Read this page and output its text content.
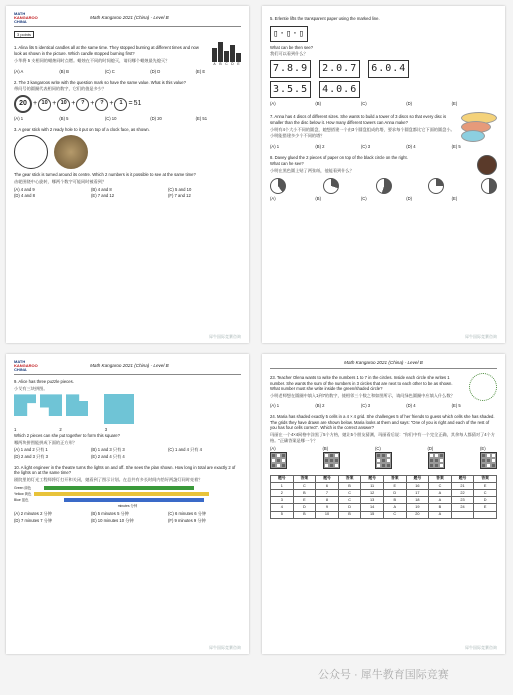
MATH
KANGAROO
CHINA
Math Kangaroo 2021 (China) - Level B
3 points

1. Alina lits 5 identical candles all at the same time. They stopped burning at different times and now look as shown in the picture. Which candle stopped burning first?

小华将 5 支相同的蜡烛同时点燃。蜡烛在不同的时间熄灭，请问哪个蜡烛最先熄灭？

A	B	C	D	E
(A) A	(B) B	(C) C	(D) D	(E) E

2. The 3 kangaroos write with the question mark so have the same value. What is this value?

带问号的圆圈代表相同的数字，它们的值是多少？

20 + 10 + 10 +	? +	? +	1 = 51
(A) 1	(B) 5	(C) 10	(D) 20	(E) 51

3. A gear stick with 2 ready hole to it put on top of a clock face, as shown.

The gear stick is turned around its centre. Which 2 numbers is it possible to see at the same time?

齿轮围绕中心旋转，哪两个数字可能同时被看到？

(A) 4 and 9	(B) 4 and 8	(C) 5 and 10
(D) 4 and 8	(E) 7 and 12	(F) 7 and 12
犀牛国际竞赛咨询

5. Erlentie lifts the transparent paper using the marked line.

▯·▯·▯

What can be then see?

我们可以看到什么？

7.8.9	2.0.7	6.0.4
3.5.5	4.0.6
(A)	(B)	(C)	(D)	(E)

7. Anna has 4 discs of different sizes. She wants to build a tower of 3 discs so that every disc is smaller than the disc below it. How many different towers can Anna make?

小明有4个大小不同的圆盘，她想搭建一个由3个圆盘组成的塔，要求每个圆盘都比它下面的圆盘小。小明能搭建多少个不同的塔？

(A) 1	(B) 2	(C) 3	(D) 4	(E) 5

8. Davey glued the 2 pieces of paper on top of the black circle on the right.

What can he see?

小明在黑色圆上贴了两张纸，他能看到什么？

(A)	(B)	(C)	(D)	(E)
犀牛国际竞赛咨询
MATH
KANGAROO
CHINA
Math Kangaroo 2021 (China) - Level B

9. Alice has three puzzle pieces.

小艾有三块拼图。

1	2	3

Which 2 pieces can she put together to form this square?

哪两块拼图能拼成下面的正方形？

(A) 1 and 2 只有 1	(B) 1 and 3 只有 3	(C) 1 and 4 只有 4
(D) 2 and 3 只有 3	(E) 2 and 4 只有 4

10. A light engineer in the theatre turns the lights on and off. She sees the plan shown. How long in total are exactly 2 of the lights on at the same time?

剧院里的灯光工程师将灯打开和关闭，她看到了图示计划。在总共有多长时间内恰好两盏灯同时亮着？

Green 绿色
Yellow 黄色
Blue 蓝色
minutes 分钟
(A) 2 minutes 2 分钟	(B) 5 minutes 5 分钟	(C) 6 minutes 6 分钟
(D) 7 minutes 7 分钟	(E) 10 minutes 10 分钟	(F) 9 minutes 9 分钟
犀牛国际竞赛咨询
Math Kangaroo 2021 (China) - Level B

23. Teacher Olena wants to write the numbers 1 to 7 in the circles. Inside each circle she writes 1 number. She wants the sum of the numbers in 3 circles that are next to each other to be as shown. What number must she write inside the green/shaded circle?

小明老师想在圆圈中填入1到7的数字，使相邻三个数之和如图所示，请问绿色圆圈中应填入什么数？

(A) 1	(B) 2	(C) 3	(D) 4	(E) 5

24. Maria has shaded exactly 5 cells in a 4 × 4 grid. She challenges 5 of her friends to guess which cells she has shaded. The grids they have drawn are shown below. Maria looks at them and says: "One of you is right and each of the rest of you has four cells correct". Which is the correct answer?

玛丽在一个4×4网格中涂黑了5个方格，她让5个朋友猜测，玛丽看后说："你们中有一个完全正确，其余每人都猜对了4个方格。"正确答案是哪一个？

(A)	(B)	(C)	(D)	(E)
题号	答案	题号	答案	题号	答案	题号	答案	题号	答案
1	C	6	B	11	E	16	C	21	E
2	B	7	C	12	D	17	A	22	C
3	E	8	C	13	B	18	A	23	D
4	D	9	D	14	A	19	B	24	E
5	B	10	B	15	C	20	A		
犀牛国际竞赛咨询
公众号 · 犀牛教育国际竞赛
